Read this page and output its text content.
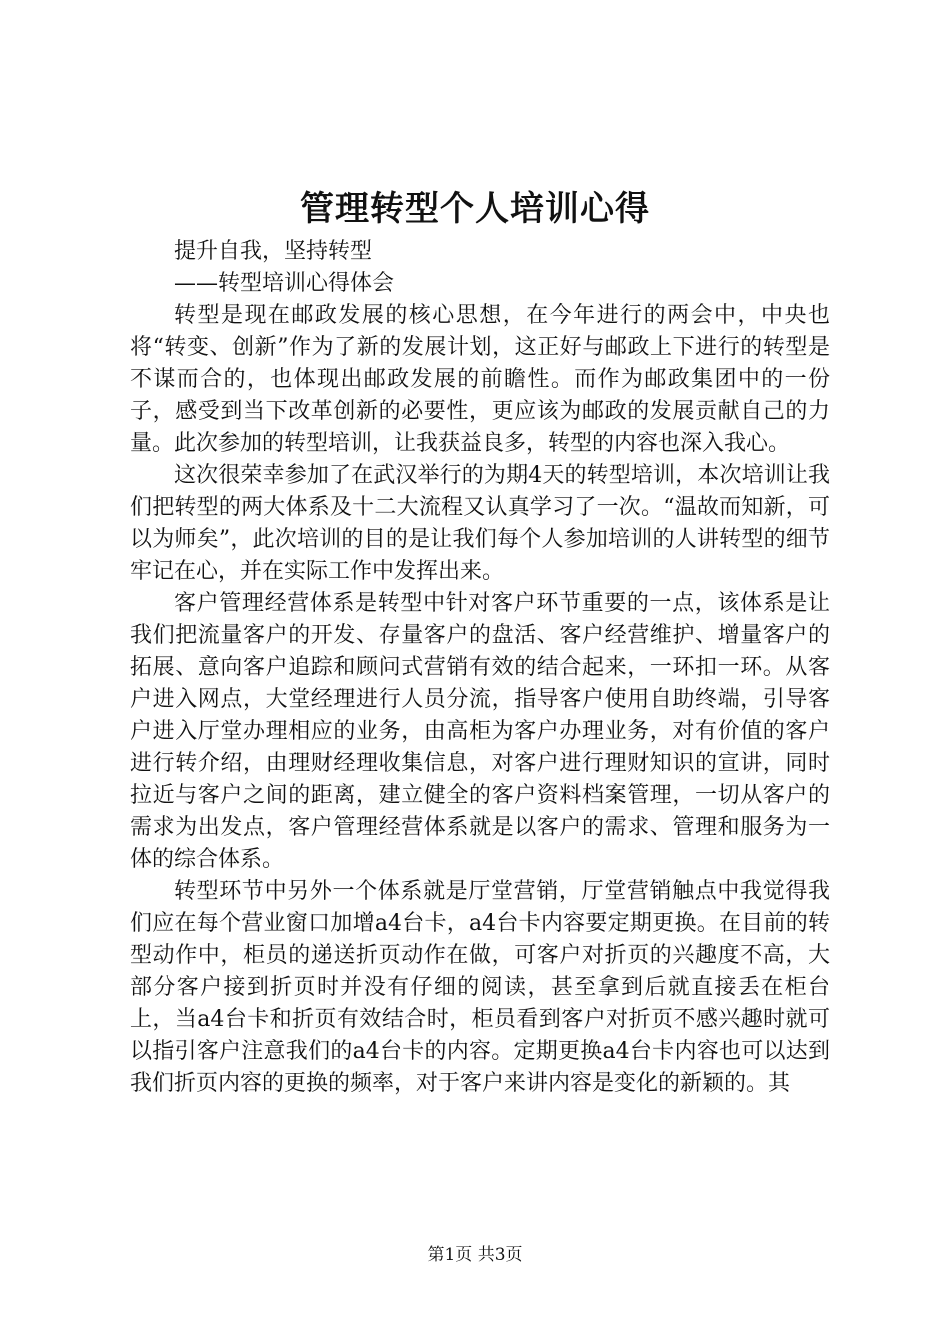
管理转型个人培训心得

提升自我，坚持转型

——转型培训心得体会

转型是现在邮政发展的核心思想，在今年进行的两会中，中央也将“转变、创新”作为了新的发展计划，这正好与邮政上下进行的转型是不谋而合的，也体现出邮政发展的前瞻性。而作为邮政集团中的一份子，感受到当下改革创新的必要性，更应该为邮政的发展贡献自己的力量。此次参加的转型培训，让我获益良多，转型的内容也深入我心。

这次很荣幸参加了在武汉举行的为期4天的转型培训，本次培训让我们把转型的两大体系及十二大流程又认真学习了一次。“温故而知新，可以为师矣”，此次培训的目的是让我们每个人参加培训的人讲转型的细节牢记在心，并在实际工作中发挥出来。

客户管理经营体系是转型中针对客户环节重要的一点，该体系是让我们把流量客户的开发、存量客户的盘活、客户经营维护、增量客户的拓展、意向客户追踪和顾问式营销有效的结合起来，一环扣一环。从客户进入网点，大堂经理进行人员分流，指导客户使用自助终端，引导客户进入厅堂办理相应的业务，由高柜为客户办理业务，对有价值的客户进行转介绍，由理财经理收集信息，对客户进行理财知识的宣讲，同时拉近与客户之间的距离，建立健全的客户资料档案管理，一切从客户的需求为出发点，客户管理经营体系就是以客户的需求、管理和服务为一体的综合体系。

转型环节中另外一个体系就是厅堂营销，厅堂营销触点中我觉得我们应在每个营业窗口加增a4台卡，a4台卡内容要定期更换。在目前的转型动作中，柜员的递送折页动作在做，可客户对折页的兴趣度不高，大部分客户接到折页时并没有仔细的阅读，甚至拿到后就直接丢在柜台上，当a4台卡和折页有效结合时，柜员看到客户对折页不感兴趣时就可以指引客户注意我们的a4台卡的内容。定期更换a4台卡内容也可以达到我们折页内容的更换的频率，对于客户来讲内容是变化的新颖的。其

第1页 共3页
